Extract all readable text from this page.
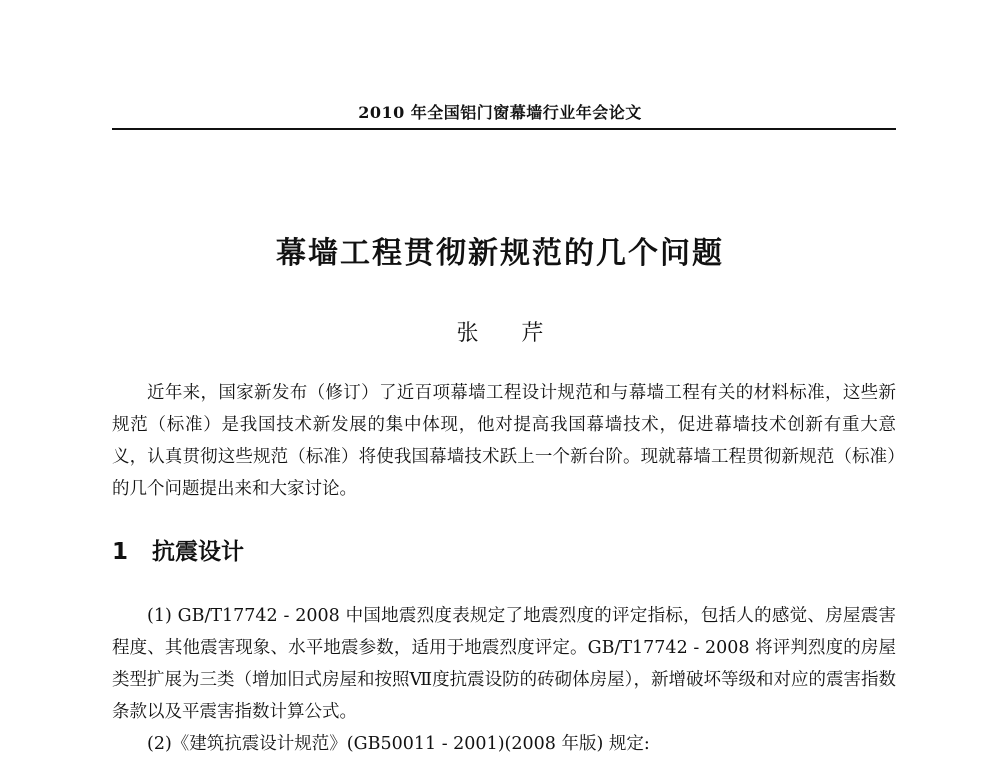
2010 年全国铝门窗幕墙行业年会论文
幕墙工程贯彻新规范的几个问题
张 芹

近年来，国家新发布（修订）了近百项幕墙工程设计规范和与幕墙工程有关的材料标准，这些新规范（标准）是我国技术新发展的集中体现，他对提高我国幕墙技术，促进幕墙技术创新有重大意义，认真贯彻这些规范（标准）将使我国幕墙技术跃上一个新台阶。现就幕墙工程贯彻新规范（标准）的几个问题提出来和大家讨论。

1 抗震设计

(1) GB/T17742 - 2008 中国地震烈度表规定了地震烈度的评定指标，包括人的感觉、房屋震害程度、其他震害现象、水平地震参数，适用于地震烈度评定。GB/T17742 - 2008 将评判烈度的房屋类型扩展为三类（增加旧式房屋和按照Ⅶ度抗震设防的砖砌体房屋），新增破坏等级和对应的震害指数条款以及平震害指数计算公式。

(2)《建筑抗震设计规范》(GB50011 - 2001)(2008 年版) 规定:
